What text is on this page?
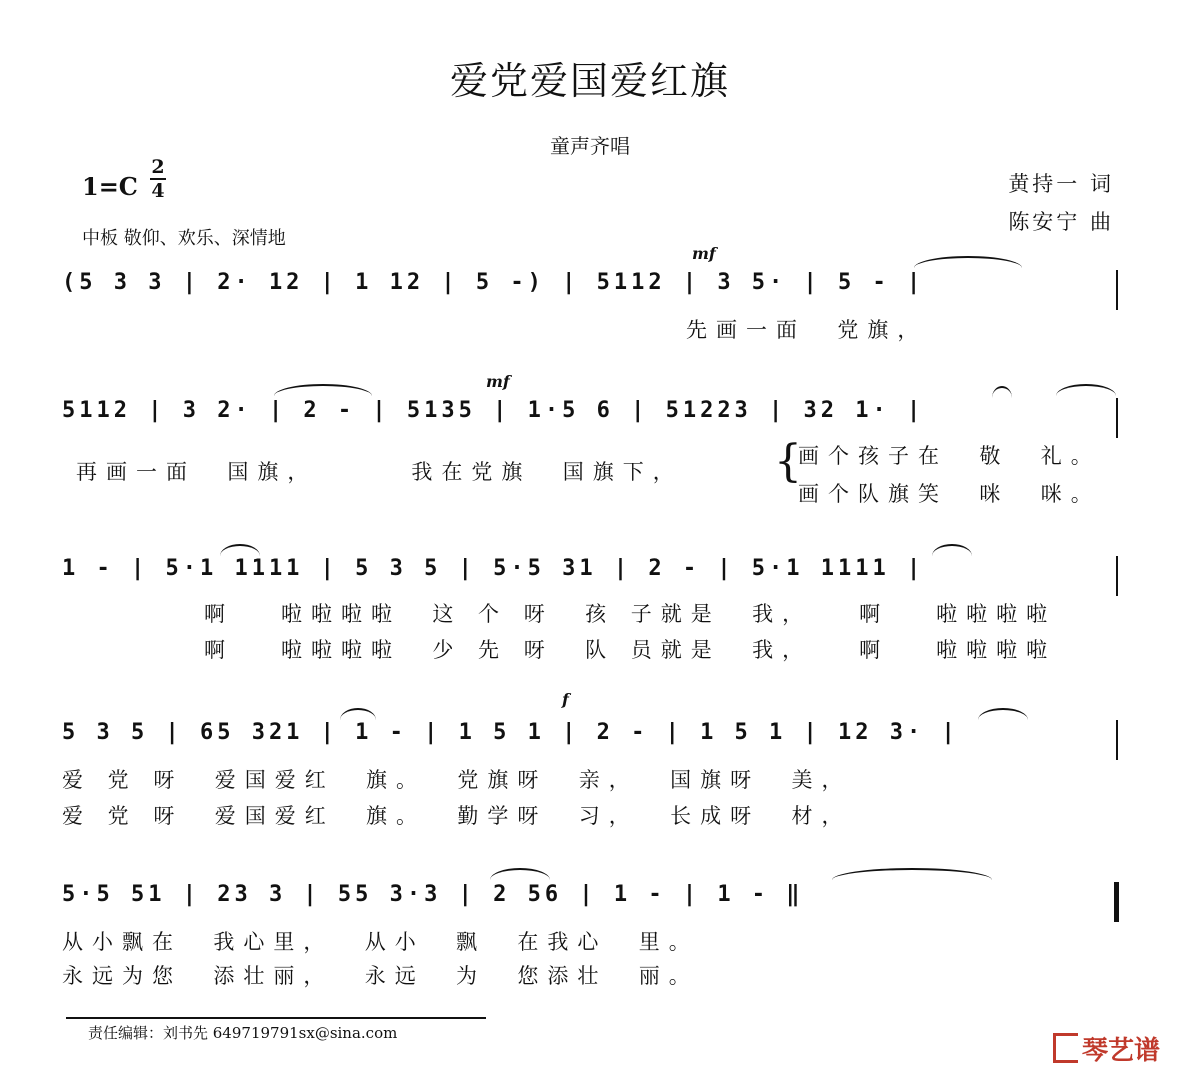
爱党爱国爱红旗
童声齐唱
1=C
2
4
中板 敬仰、欢乐、深情地
黄持一 词
陈安宁 曲
mf
(5 3 3 | 2· 12 | 1 12 | 5 -) | 5112 | 3 5· | 5 - |
先画一面  党旗，
mf
5112 | 3 2· | 2 - | 5135 | 1·5 6 | 51223 | 32 1· |
再画一面  国旗，      我在党旗  国旗下， {
画个孩子在  敬  礼。
画个队旗笑  咪  咪。
1 - | 5·1 1111 | 5 3 5 | 5·5 31 | 2 - | 5·1 1111 |
啊   啦啦啦啦  这 个 呀  孩 子就是  我，   啊   啦啦啦啦
啊   啦啦啦啦  少 先 呀  队 员就是  我，   啊   啦啦啦啦
f
5 3 5 | 65 321 | 1 - | 1 5 1 | 2 - | 1 5 1 | 12 3· |
爱 党 呀  爱国爱红  旗。  党旗呀  亲，  国旗呀  美，
爱 党 呀  爱国爱红  旗。  勤学呀  习，  长成呀  材，
5·5 51 | 23 3 | 55 3·3 | 2 56 | 1 - | 1 - ‖
从小飘在  我心里，  从小  飘  在我心  里。
永远为您  添壮丽，  永远  为  您添壮  丽。
责任编辑：刘书先 649719791sx@sina.com
琴艺谱
